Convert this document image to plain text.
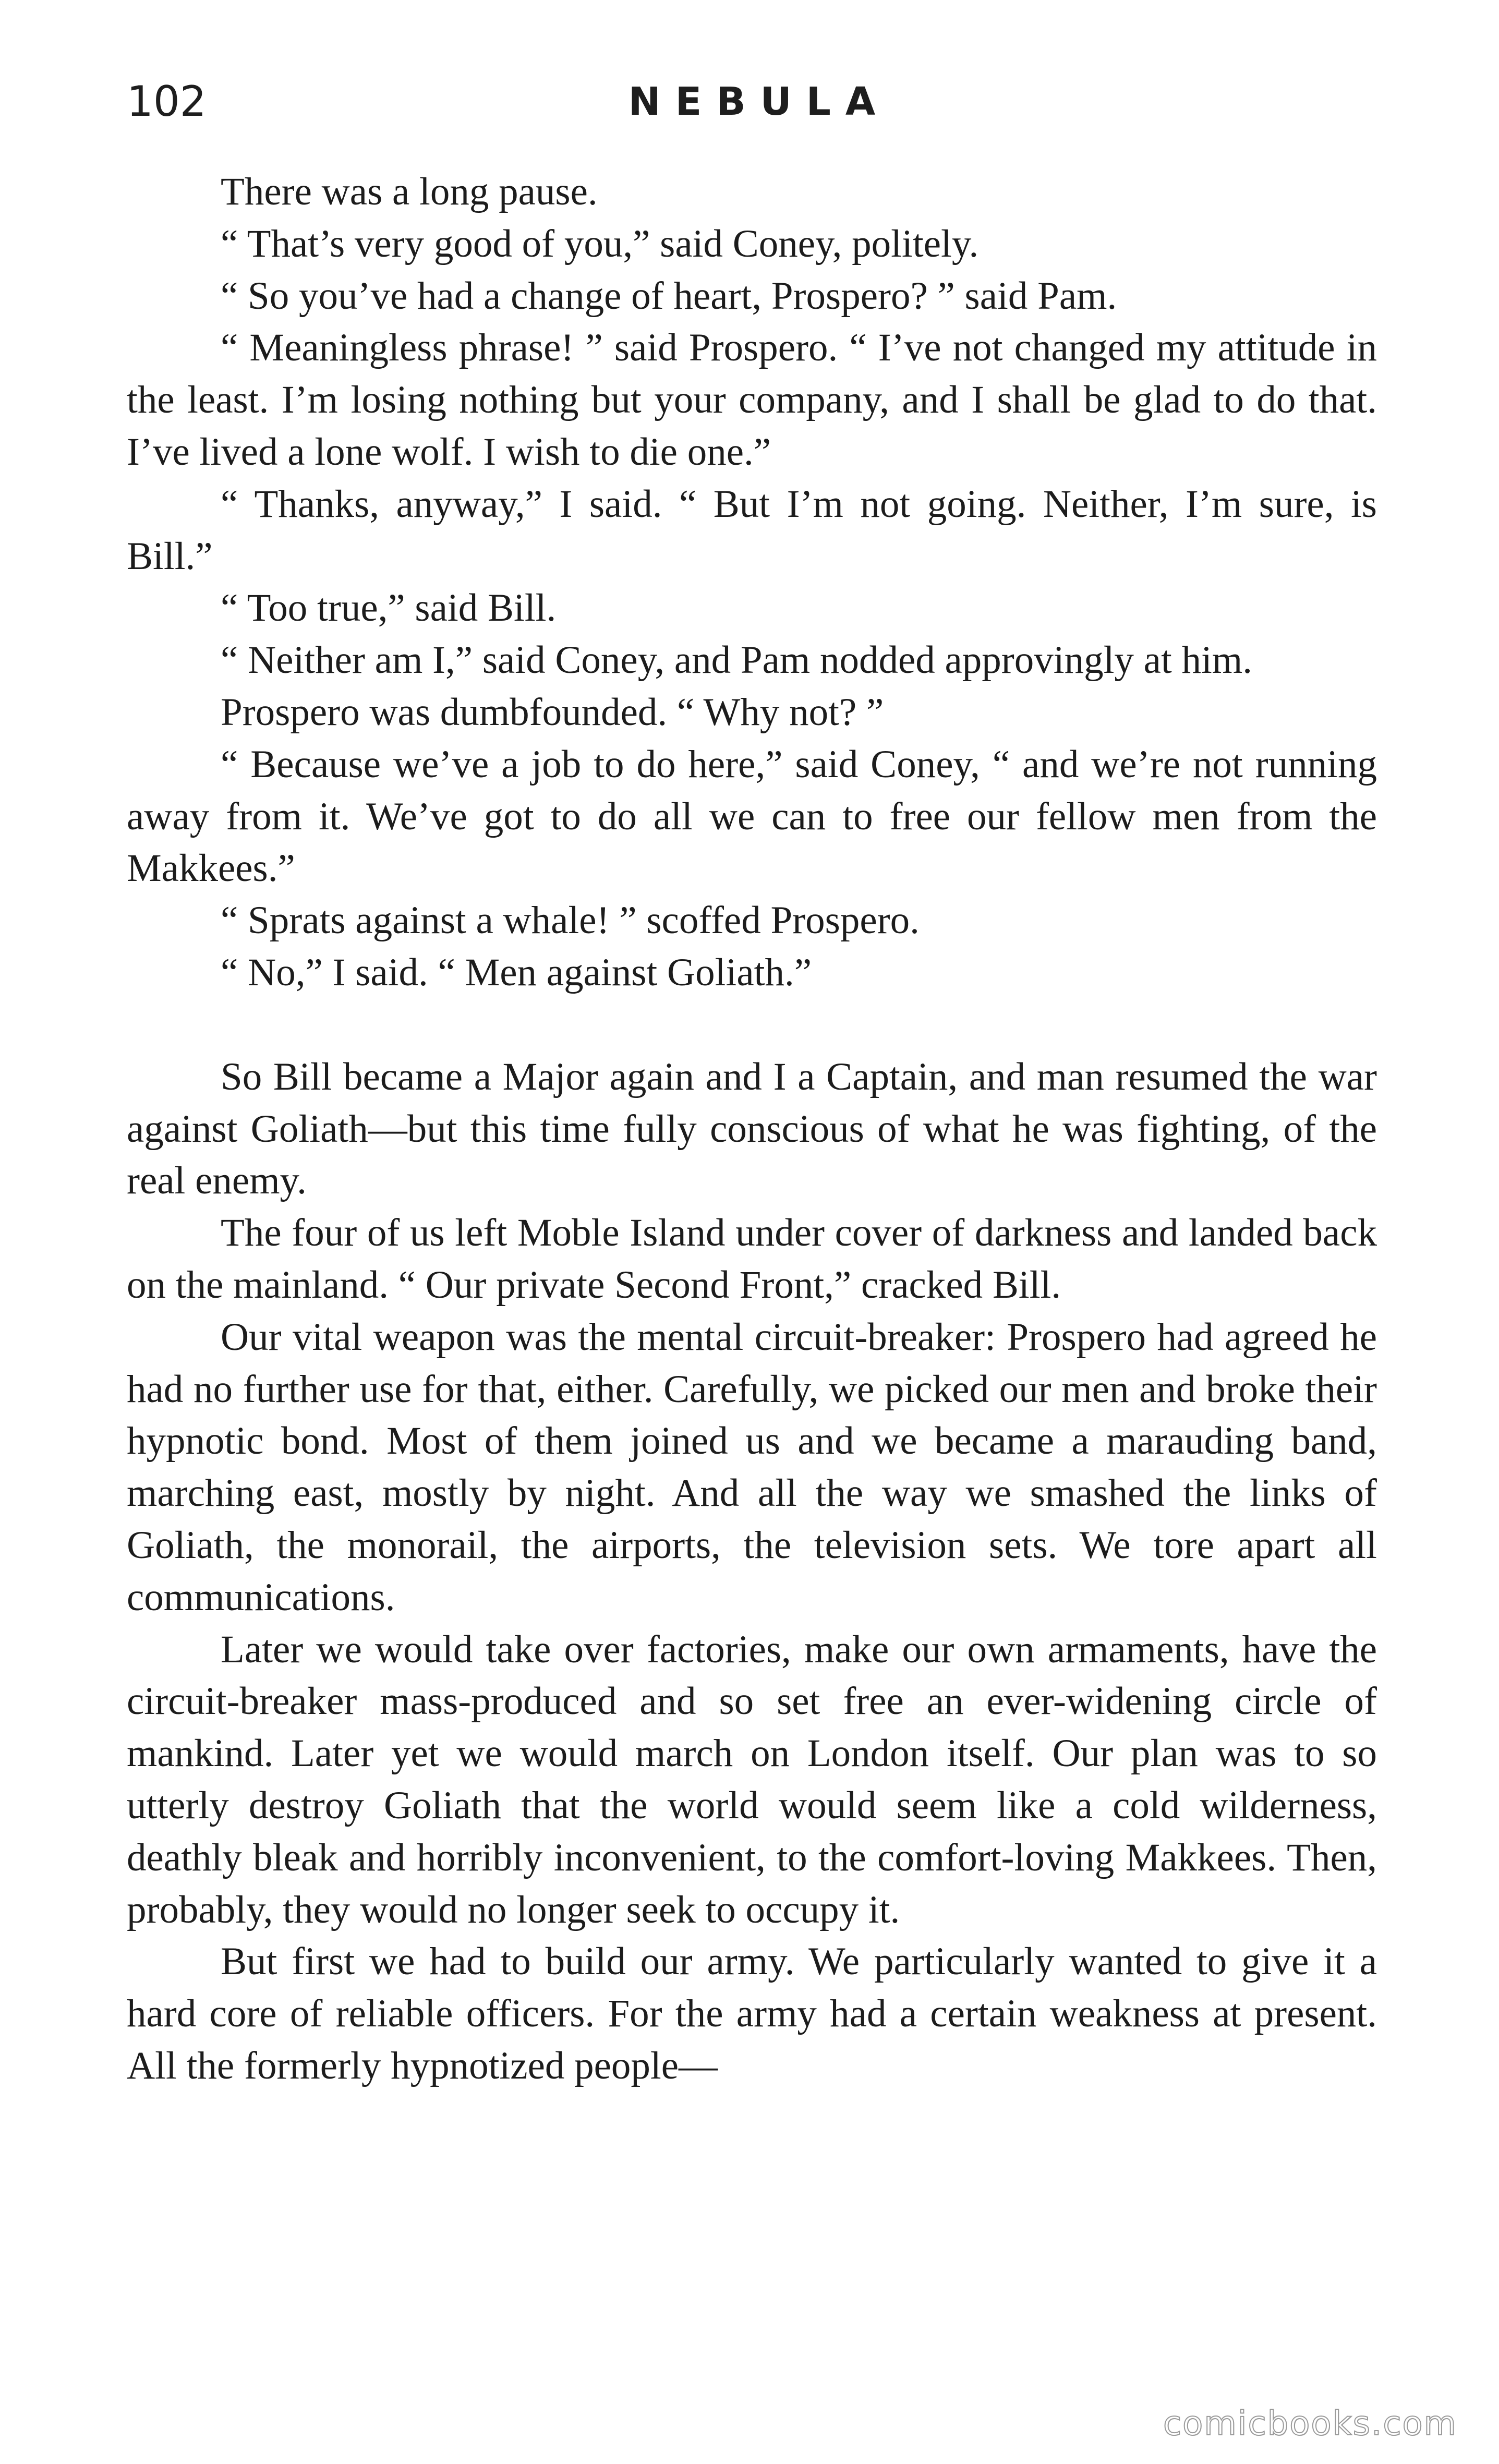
102	NEBULA

There was a long pause.

“ That’s very good of you,” said Coney, politely.

“ So you’ve had a change of heart, Prospero? ” said Pam.

“ Meaningless phrase! ” said Prospero. “ I’ve not changed my attitude in the least. I’m losing nothing but your company, and I shall be glad to do that. I’ve lived a lone wolf. I wish to die one.”

“ Thanks, anyway,” I said. “ But I’m not going. Neither, I’m sure, is Bill.”

“ Too true,” said Bill.

“ Neither am I,” said Coney, and Pam nodded approvingly at him.

Prospero was dumbfounded. “ Why not? ”

“ Because we’ve a job to do here,” said Coney, “ and we’re not running away from it. We’ve got to do all we can to free our fellow men from the Makkees.”

“ Sprats against a whale! ” scoffed Prospero.

“ No,” I said. “ Men against Goliath.”

So Bill became a Major again and I a Captain, and man resumed the war against Goliath—but this time fully conscious of what he was fighting, of the real enemy.

The four of us left Moble Island under cover of darkness and landed back on the mainland. “ Our private Second Front,” cracked Bill.

Our vital weapon was the mental circuit-breaker: Prospero had agreed he had no further use for that, either. Carefully, we picked our men and broke their hypnotic bond. Most of them joined us and we became a marauding band, marching east, mostly by night. And all the way we smashed the links of Goliath, the monorail, the airports, the television sets. We tore apart all communications.

Later we would take over factories, make our own armaments, have the circuit-breaker mass-produced and so set free an ever-widening circle of mankind. Later yet we would march on London itself. Our plan was to so utterly destroy Goliath that the world would seem like a cold wilderness, deathly bleak and horribly inconvenient, to the comfort-loving Makkees. Then, probably, they would no longer seek to occupy it.

But first we had to build our army. We particularly wanted to give it a hard core of reliable officers. For the army had a certain weakness at present. All the formerly hypnotized people—

comicbooks.com
